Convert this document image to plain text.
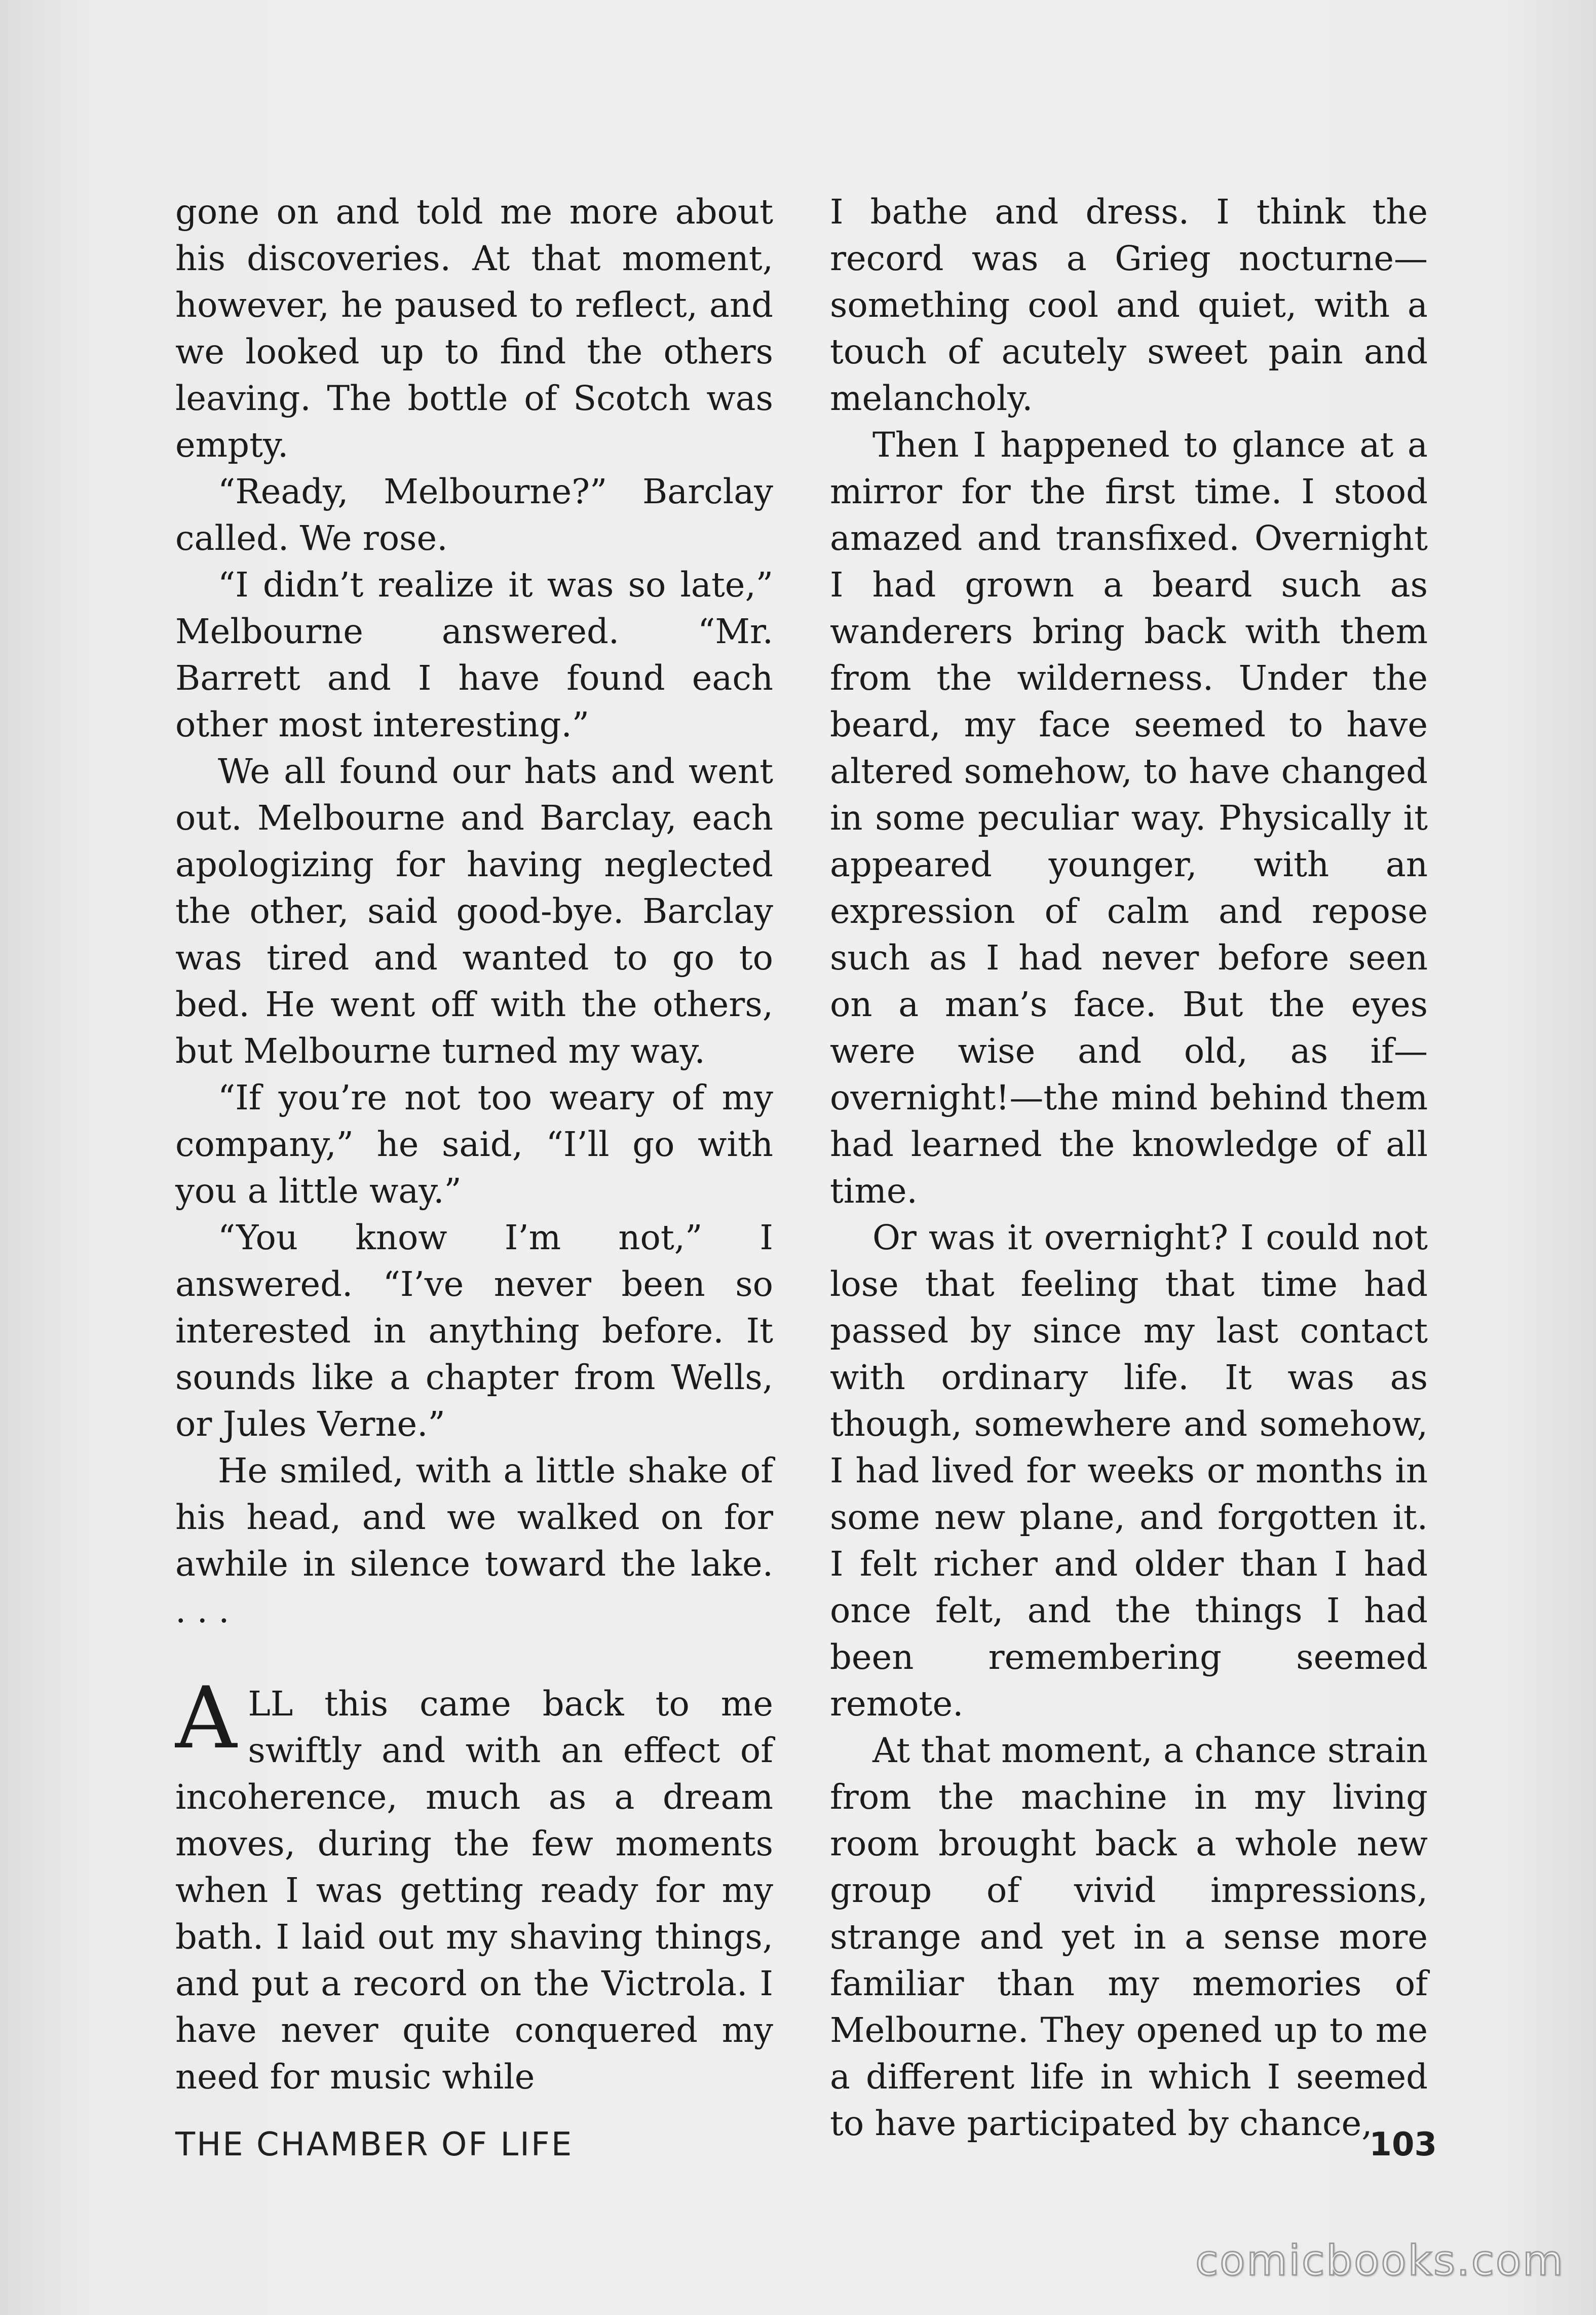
gone on and told me more about his discoveries. At that moment, however, he paused to reflect, and we looked up to find the others leaving. The bottle of Scotch was empty.

“Ready, Melbourne?” Barclay called. We rose.

“I didn’t realize it was so late,” Melbourne answered. “Mr. Barrett and I have found each other most interesting.”

We all found our hats and went out. Melbourne and Barclay, each apologizing for having neglected the other, said good-bye. Barclay was tired and wanted to go to bed. He went off with the others, but Melbourne turned my way.

“If you’re not too weary of my company,” he said, “I’ll go with you a little way.”

“You know I’m not,” I answered. “I’ve never been so interested in anything before. It sounds like a chapter from Wells, or Jules Verne.”

He smiled, with a little shake of his head, and we walked on for awhile in silence toward the lake. . . .

ALL this came back to me swiftly and with an effect of incoherence, much as a dream moves, during the few moments when I was getting ready for my bath. I laid out my shaving things, and put a record on the Victrola. I have never quite conquered my need for music while

I bathe and dress. I think the record was a Grieg nocturne—something cool and quiet, with a touch of acutely sweet pain and melancholy.

Then I happened to glance at a mirror for the first time. I stood amazed and transfixed. Overnight I had grown a beard such as wanderers bring back with them from the wilderness. Under the beard, my face seemed to have altered somehow, to have changed in some peculiar way. Physically it appeared younger, with an expression of calm and repose such as I had never before seen on a man’s face. But the eyes were wise and old, as if—overnight!—the mind behind them had learned the knowledge of all time.

Or was it overnight? I could not lose that feeling that time had passed by since my last contact with ordinary life. It was as though, somewhere and somehow, I had lived for weeks or months in some new plane, and forgotten it. I felt richer and older than I had once felt, and the things I had been remembering seemed remote.

At that moment, a chance strain from the machine in my living room brought back a whole new group of vivid impressions, strange and yet in a sense more familiar than my memories of Melbourne. They opened up to me a different life in which I seemed to have participated by chance,

THE CHAMBER OF LIFE	103
comicbooks.com
